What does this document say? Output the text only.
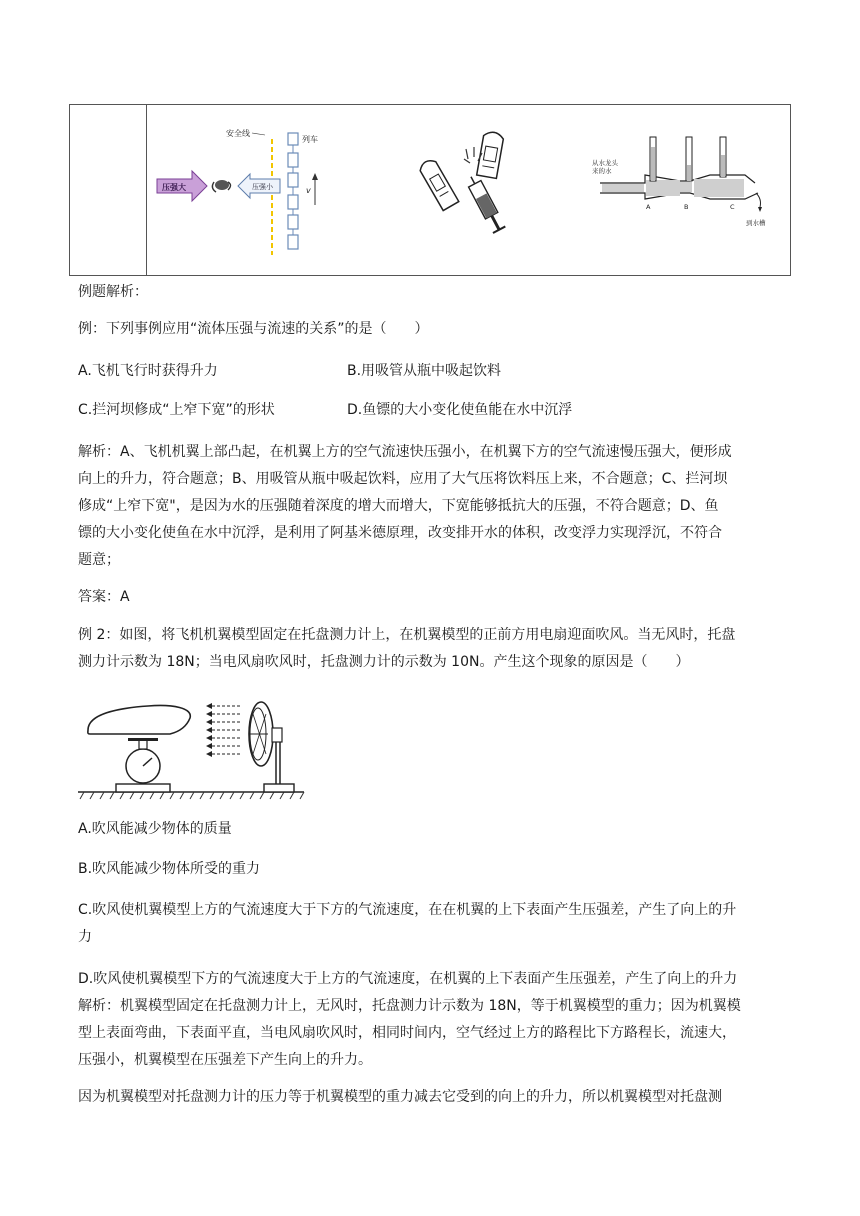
安全线
列车
v
压强大	压强小
从水龙头
来的水
A	B	C
到水槽
例题解析：
例：下列事例应用“流体压强与流速的关系”的是（　　）
A.飞机飞行时获得升力	B.用吸管从瓶中吸起饮料
C.拦河坝修成“上窄下宽”的形状	D.鱼镖的大小变化使鱼能在水中沉浮
解析：A、飞机机翼上部凸起，在机翼上方的空气流速快压强小，在机翼下方的空气流速慢压强大，便形成
向上的升力，符合题意；B、用吸管从瓶中吸起饮料，应用了大气压将饮料压上来，不合题意；C、拦河坝
修成“上窄下宽"，是因为水的压强随着深度的增大而增大，下宽能够抵抗大的压强，不符合题意；D、鱼
镖的大小变化使鱼在水中沉浮，是利用了阿基米德原理，改变排开水的体积，改变浮力实现浮沉，不符合
题意；
答案：A
例 2：如图，将飞机机翼模型固定在托盘测力计上，在机翼模型的正前方用电扇迎面吹风。当无风时，托盘
测力计示数为 18N；当电风扇吹风时，托盘测力计的示数为 10N。产生这个现象的原因是（　　）
A.吹风能减少物体的质量
B.吹风能减少物体所受的重力
C.吹风使机翼模型上方的气流速度大于下方的气流速度，在在机翼的上下表面产生压强差，产生了向上的升
力
D.吹风使机翼模型下方的气流速度大于上方的气流速度，在机翼的上下表面产生压强差，产生了向上的升力
解析：机翼模型固定在托盘测力计上，无风时，托盘测力计示数为 18N，等于机翼模型的重力；因为机翼模
型上表面弯曲，下表面平直，当电风扇吹风时，相同时间内，空气经过上方的路程比下方路程长，流速大，
压强小，机翼模型在压强差下产生向上的升力。
因为机翼模型对托盘测力计的压力等于机翼模型的重力减去它受到的向上的升力，所以机翼模型对托盘测
